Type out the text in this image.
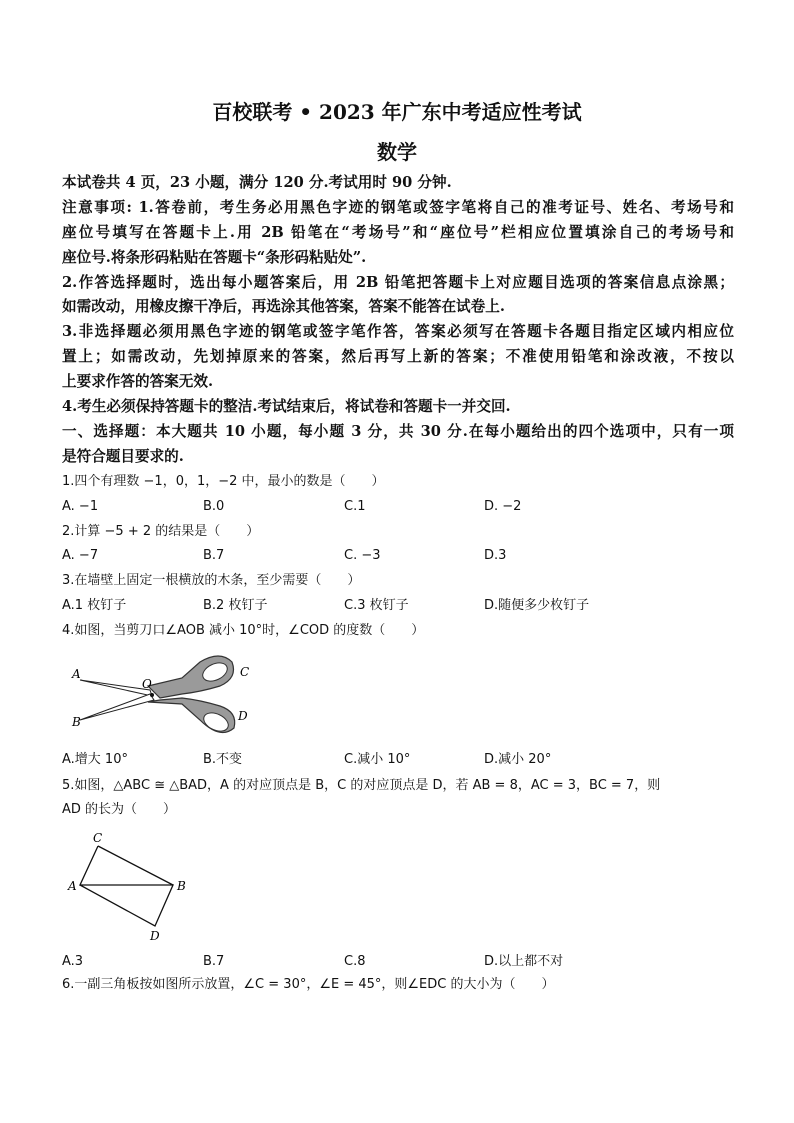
百校联考 • 2023 年广东中考适应性考试
数学
本试卷共 4 页，23 小题，满分 120 分.考试用时 90 分钟.
注意事项: 1.答卷前，考生务必用黑色字迹的钢笔或签字笔将自己的准考证号、姓名、考场号和
座位号填写在答题卡上.用 2B 铅笔在“考场号”和“座位号”栏相应位置填涂自己的考场号和
座位号.将条形码粘贴在答题卡“条形码粘贴处”.
2.作答选择题时，选出每小题答案后，用 2B 铅笔把答题卡上对应题目选项的答案信息点涂黑；
如需改动，用橡皮擦干净后，再选涂其他答案，答案不能答在试卷上.
3.非选择题必须用黑色字迹的钢笔或签字笔作答，答案必须写在答题卡各题目指定区域内相应位
置上；如需改动，先划掉原来的答案，然后再写上新的答案；不准使用铅笔和涂改液，不按以
上要求作答的答案无效.
4.考生必须保持答题卡的整洁.考试结束后，将试卷和答题卡一并交回.
一、选择题：本大题共 10 小题，每小题 3 分，共 30 分.在每小题给出的四个选项中，只有一项
是符合题目要求的.
1.四个有理数 −1，0，1，−2 中，最小的数是（　　）
A. −1	B.0	C.1	D. −2
2.计算 −5 + 2 的结果是（　　）
A. −7	B.7	C. −3	D.3
3.在墙壁上固定一根横放的木条，至少需要（　　）
A.1 枚钉子	B.2 枚钉子	C.3 枚钉子	D.随便多少枚钉子
4.如图，当剪刀口∠AOB 减小 10°时，∠COD 的度数（　　）
A
B
O
C
D
A.增大 10°	B.不变	C.减小 10°	D.减小 20°
5.如图，△ABC ≅ △BAD，A 的对应顶点是 B，C 的对应顶点是 D，若 AB = 8，AC = 3，BC = 7，则
AD 的长为（　　）
C
A	B
D
A.3	B.7	C.8	D.以上都不对
6.一副三角板按如图所示放置，∠C = 30°，∠E = 45°，则∠EDC 的大小为（　　）
